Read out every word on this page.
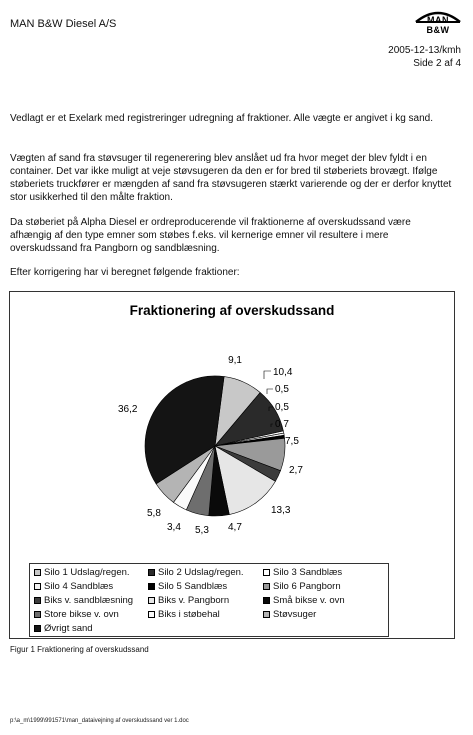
MAN B&W Diesel A/S	MAN
B&W
2005-12-13/kmh
Side 2 af 4
Vedlagt er et Exelark med registreringer udregning af fraktioner. Alle vægte er angivet i kg sand.
Vægten af sand fra støvsuger til regenerering blev anslået ud fra hvor meget der blev fyldt i en container. Det var ikke muligt at veje støvsugeren da den er for bred til støberiets brovægt. Ifølge støberiets truckfører er mængden af sand fra støvsugeren stærkt varierende og der er derfor knyttet stor usikkerhed til den målte fraktion.
Da støberiet på Alpha Diesel er ordreproducerende vil fraktionerne af overskudssand være afhængig af den type emner som støbes f.eks. vil kernerige emner vil resultere i mere overskudssand fra Pangborn og sandblæsning.
Efter korrigering har vi beregnet følgende fraktioner:
Fraktionering af overskudssand
9,1
10,4
0,5
0,5
0,7
7,5
2,7
13,3
4,7
5,3
3,4
5,8
36,2
Silo 1 Udslag/regen.	Silo 2 Udslag/regen.	Silo 3 Sandblæs
Silo 4 Sandblæs	Silo 5 Sandblæs	Silo 6 Pangborn
Biks v. sandblæsning	Biks v. Pangborn	Små bikse v. ovn
Store bikse v. ovn	Biks i støbehal	Støvsuger
Øvrigt sand
Figur 1 Fraktionering af overskudssand
p:\a_m\1999\991571\man_dataivejning af overskudssand ver 1.doc
